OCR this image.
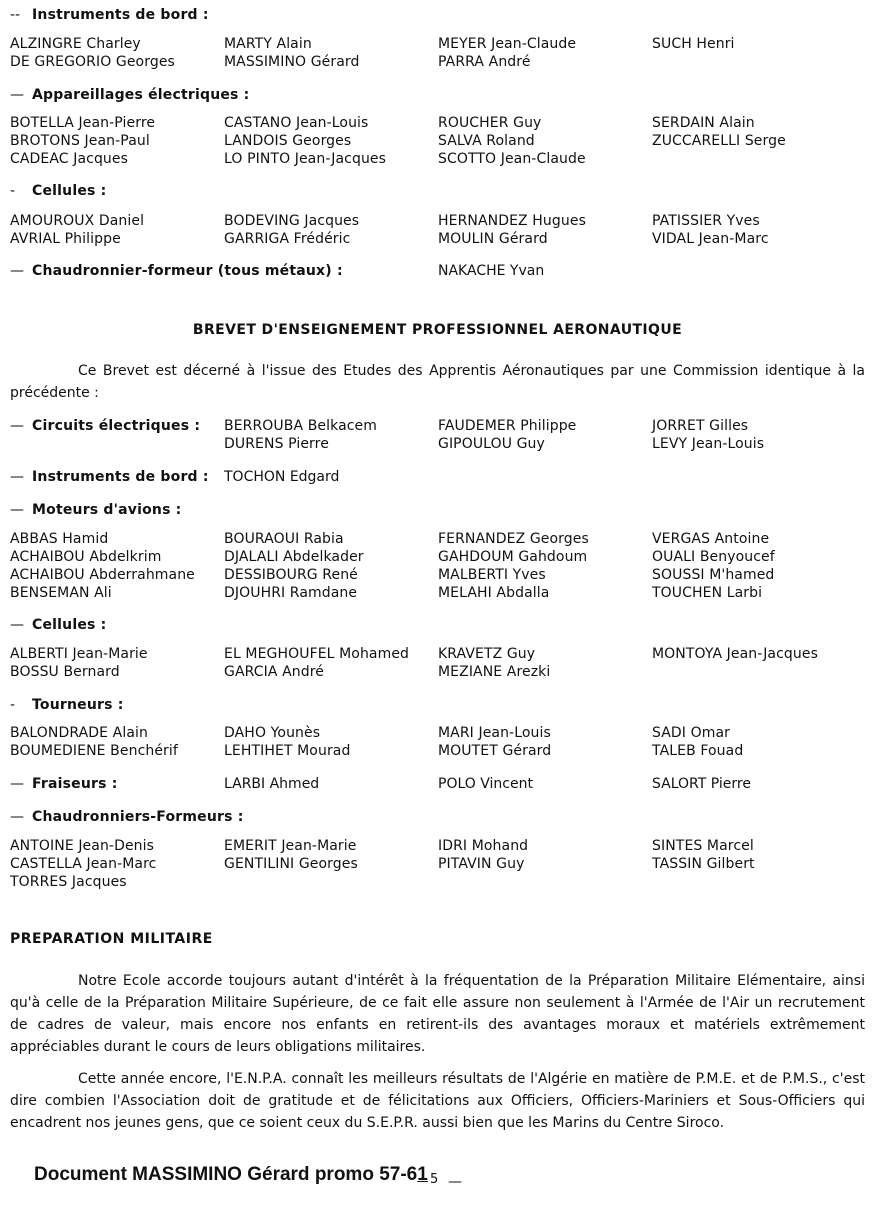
-- Instruments de bord :
ALZINGRE Charley	MARTY Alain	MEYER Jean-Claude	SUCH Henri
DE GREGORIO Georges	MASSIMINO Gérard	PARRA André
— Appareillages électriques :
BOTELLA Jean-Pierre	CASTANO Jean-Louis	ROUCHER Guy	SERDAIN Alain
BROTONS Jean-Paul	LANDOIS Georges	SALVA Roland	ZUCCARELLI Serge
CADEAC Jacques	LO PINTO Jean-Jacques	SCOTTO Jean-Claude
- Cellules :
AMOUROUX Daniel	BODEVING Jacques	HERNANDEZ Hugues	PATISSIER Yves
AVRIAL Philippe	GARRIGA Frédéric	MOULIN Gérard	VIDAL Jean-Marc
— Chaudronnier-formeur (tous métaux) :	NAKACHE Yvan
BREVET D'ENSEIGNEMENT PROFESSIONNEL AERONAUTIQUE
Ce Brevet est décerné à l'issue des Etudes des Apprentis Aéronautiques par une Commission identique à la précédente :
— Circuits électriques : BERROUBA Belkacem	FAUDEMER Philippe	JORRET Gilles
DURENS Pierre	GIPOULOU Guy	LEVY Jean-Louis
— Instruments de bord : TOCHON Edgard
— Moteurs d'avions :
ABBAS Hamid	BOURAOUI Rabia	FERNANDEZ Georges	VERGAS Antoine
ACHAIBOU Abdelkrim	DJALALI Abdelkader	GAHDOUM Gahdoum	OUALI Benyoucef
ACHAIBOU Abderrahmane	DESSIBOURG René	MALBERTI Yves	SOUSSI M'hamed
BENSEMAN Ali	DJOUHRI Ramdane	MELAHI Abdalla	TOUCHEN Larbi
— Cellules :
ALBERTI Jean-Marie	EL MEGHOUFEL Mohamed	KRAVETZ Guy	MONTOYA Jean-Jacques
BOSSU Bernard	GARCIA André	MEZIANE Arezki
- Tourneurs :
BALONDRADE Alain	DAHO Younès	MARI Jean-Louis	SADI Omar
BOUMEDIENE Benchérif	LEHTIHET Mourad	MOUTET Gérard	TALEB Fouad
— Fraiseurs :	LARBI Ahmed	POLO Vincent	SALORT Pierre
— Chaudronniers-Formeurs :
ANTOINE Jean-Denis	EMERIT Jean-Marie	IDRI Mohand	SINTES Marcel
CASTELLA Jean-Marc	GENTILINI Georges	PITAVIN Guy	TASSIN Gilbert
TORRES Jacques
PREPARATION MILITAIRE
Notre Ecole accorde toujours autant d'intérêt à la fréquentation de la Préparation Militaire Elémentaire, ainsi qu'à celle de la Préparation Militaire Supérieure, de ce fait elle assure non seulement à l'Armée de l'Air un recrutement de cadres de valeur, mais encore nos enfants en retirent-ils des avantages moraux et matériels extrêmement appréciables durant le cours de leurs obligations militaires.
Cette année encore, l'E.N.P.A. connaît les meilleurs résultats de l'Algérie en matière de P.M.E. et de P.M.S., c'est dire combien l'Association doit de gratitude et de félicitations aux Officiers, Officiers-Mariniers et Sous-Officiers qui encadrent nos jeunes gens, que ce soient ceux du S.E.P.R. aussi bien que les Marins du Centre Siroco.
Document MASSIMINO Gérard promo 57-61 5 —
